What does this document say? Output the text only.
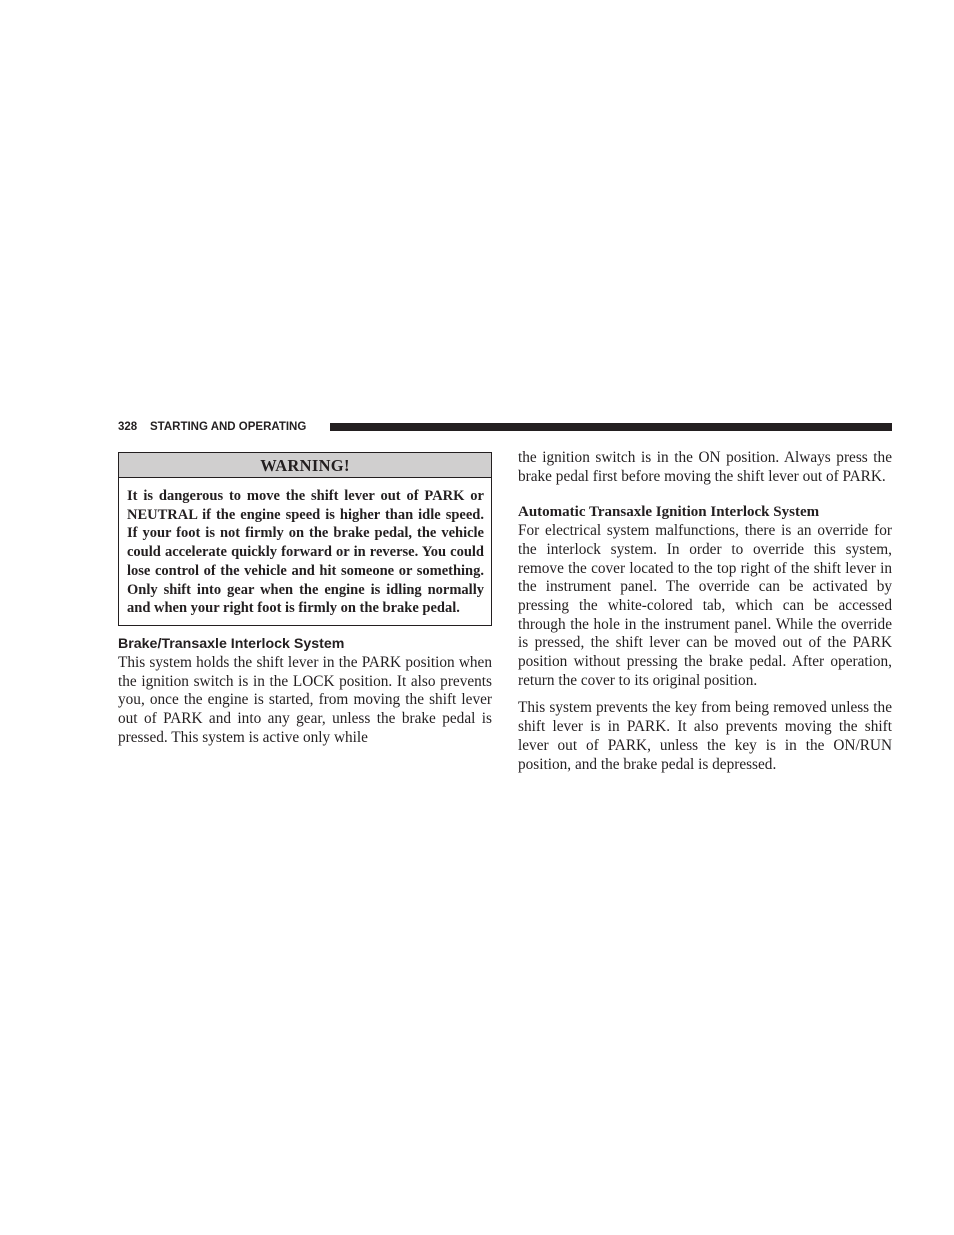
328 STARTING AND OPERATING
WARNING!
It is dangerous to move the shift lever out of PARK or NEUTRAL if the engine speed is higher than idle speed. If your foot is not firmly on the brake pedal, the vehicle could accelerate quickly forward or in reverse. You could lose control of the vehicle and hit someone or something. Only shift into gear when the engine is idling normally and when your right foot is firmly on the brake pedal.
Brake/Transaxle Interlock System

This system holds the shift lever in the PARK position when the ignition switch is in the LOCK position. It also prevents you, once the engine is started, from moving the shift lever out of PARK and into any gear, unless the brake pedal is pressed. This system is active only while

the ignition switch is in the ON position. Always press the brake pedal first before moving the shift lever out of PARK.

Automatic Transaxle Ignition Interlock System

For electrical system malfunctions, there is an override for the interlock system. In order to override this system, remove the cover located to the top right of the shift lever in the instrument panel. The override can be activated by pressing the white-colored tab, which can be accessed through the hole in the instrument panel. While the override is pressed, the shift lever can be moved out of the PARK position without pressing the brake pedal. After operation, return the cover to its original position.

This system prevents the key from being removed unless the shift lever is in PARK. It also prevents moving the shift lever out of PARK, unless the key is in the ON/RUN position, and the brake pedal is depressed.
